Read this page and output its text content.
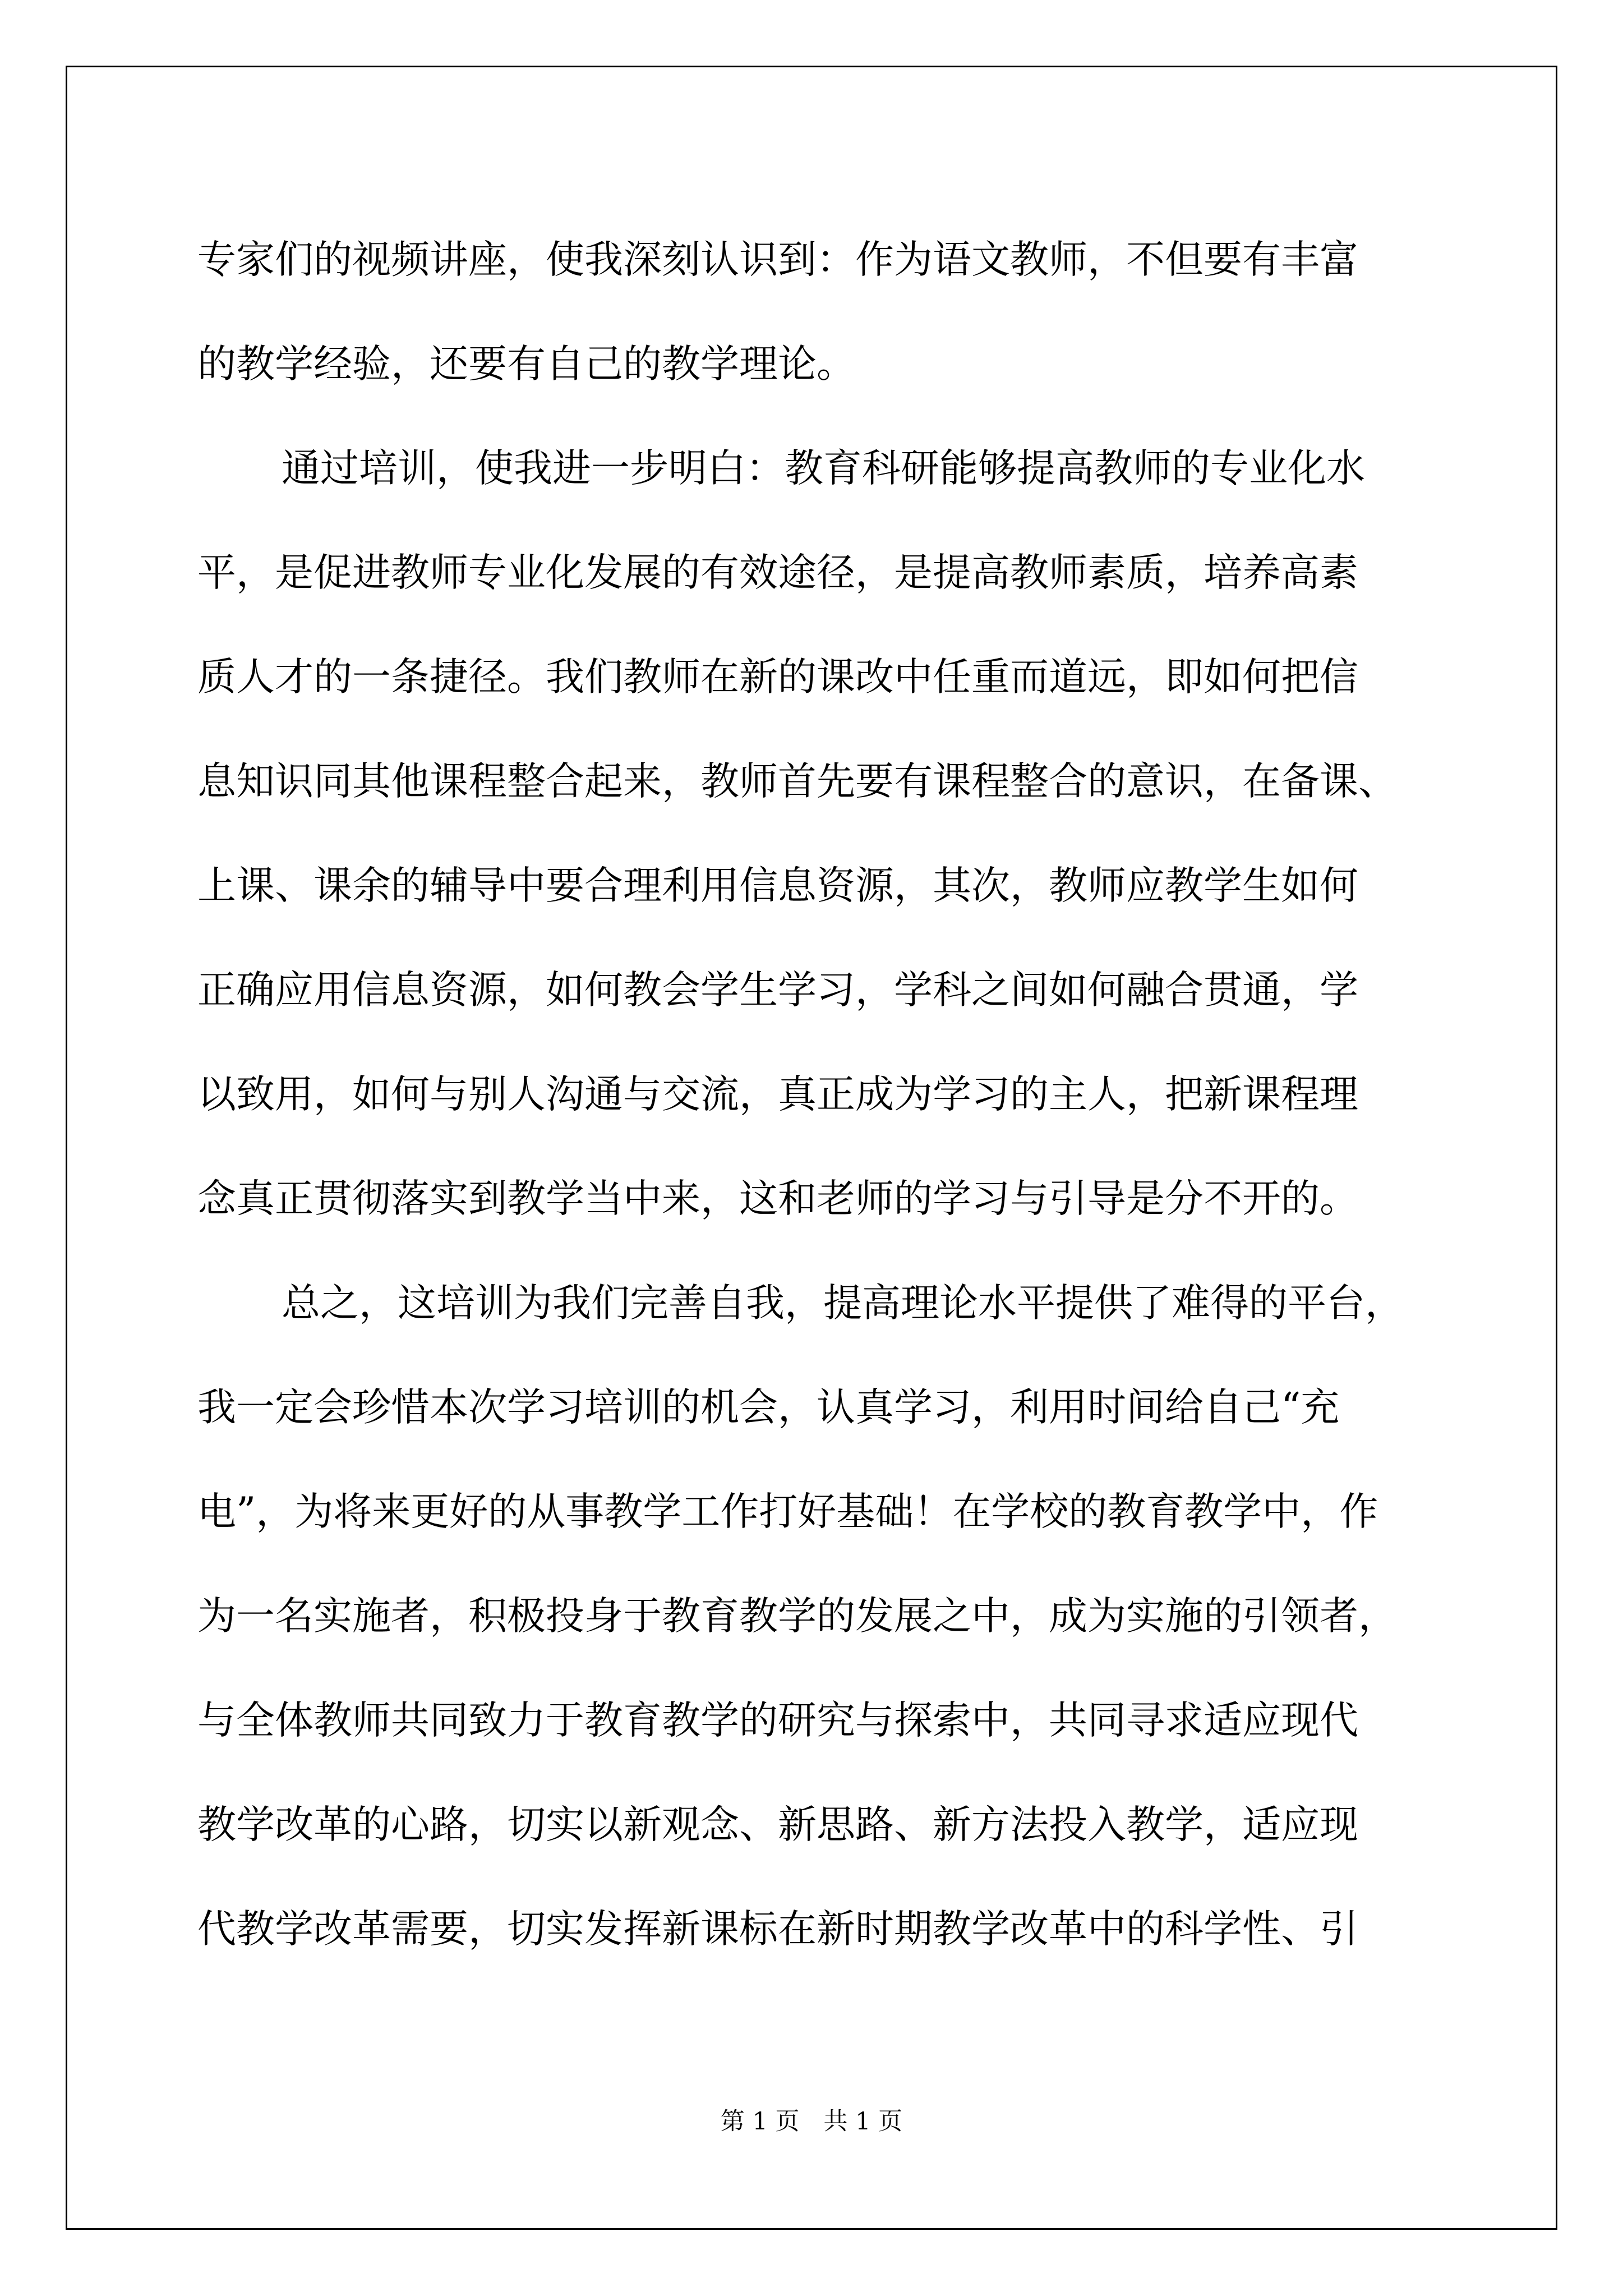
专家们的视频讲座，使我深刻认识到：作为语文教师，不但要有丰富
的教学经验，还要有自己的教学理论。
通过培训，使我进一步明白：教育科研能够提高教师的专业化水
平，是促进教师专业化发展的有效途径，是提高教师素质，培养高素
质人才的一条捷径。我们教师在新的课改中任重而道远，即如何把信
息知识同其他课程整合起来，教师首先要有课程整合的意识，在备课、
上课、课余的辅导中要合理利用信息资源，其次，教师应教学生如何
正确应用信息资源，如何教会学生学习，学科之间如何融合贯通，学
以致用，如何与别人沟通与交流，真正成为学习的主人，把新课程理
念真正贯彻落实到教学当中来，这和老师的学习与引导是分不开的。
总之，这培训为我们完善自我，提高理论水平提供了难得的平台，
我一定会珍惜本次学习培训的机会，认真学习，利用时间给自己“充
电”，为将来更好的从事教学工作打好基础！在学校的教育教学中，作
为一名实施者，积极投身于教育教学的发展之中，成为实施的引领者，
与全体教师共同致力于教育教学的研究与探索中，共同寻求适应现代
教学改革的心路，切实以新观念、新思路、新方法投入教学，适应现
代教学改革需要，切实发挥新课标在新时期教学改革中的科学性、引
第 1 页　共 1 页
